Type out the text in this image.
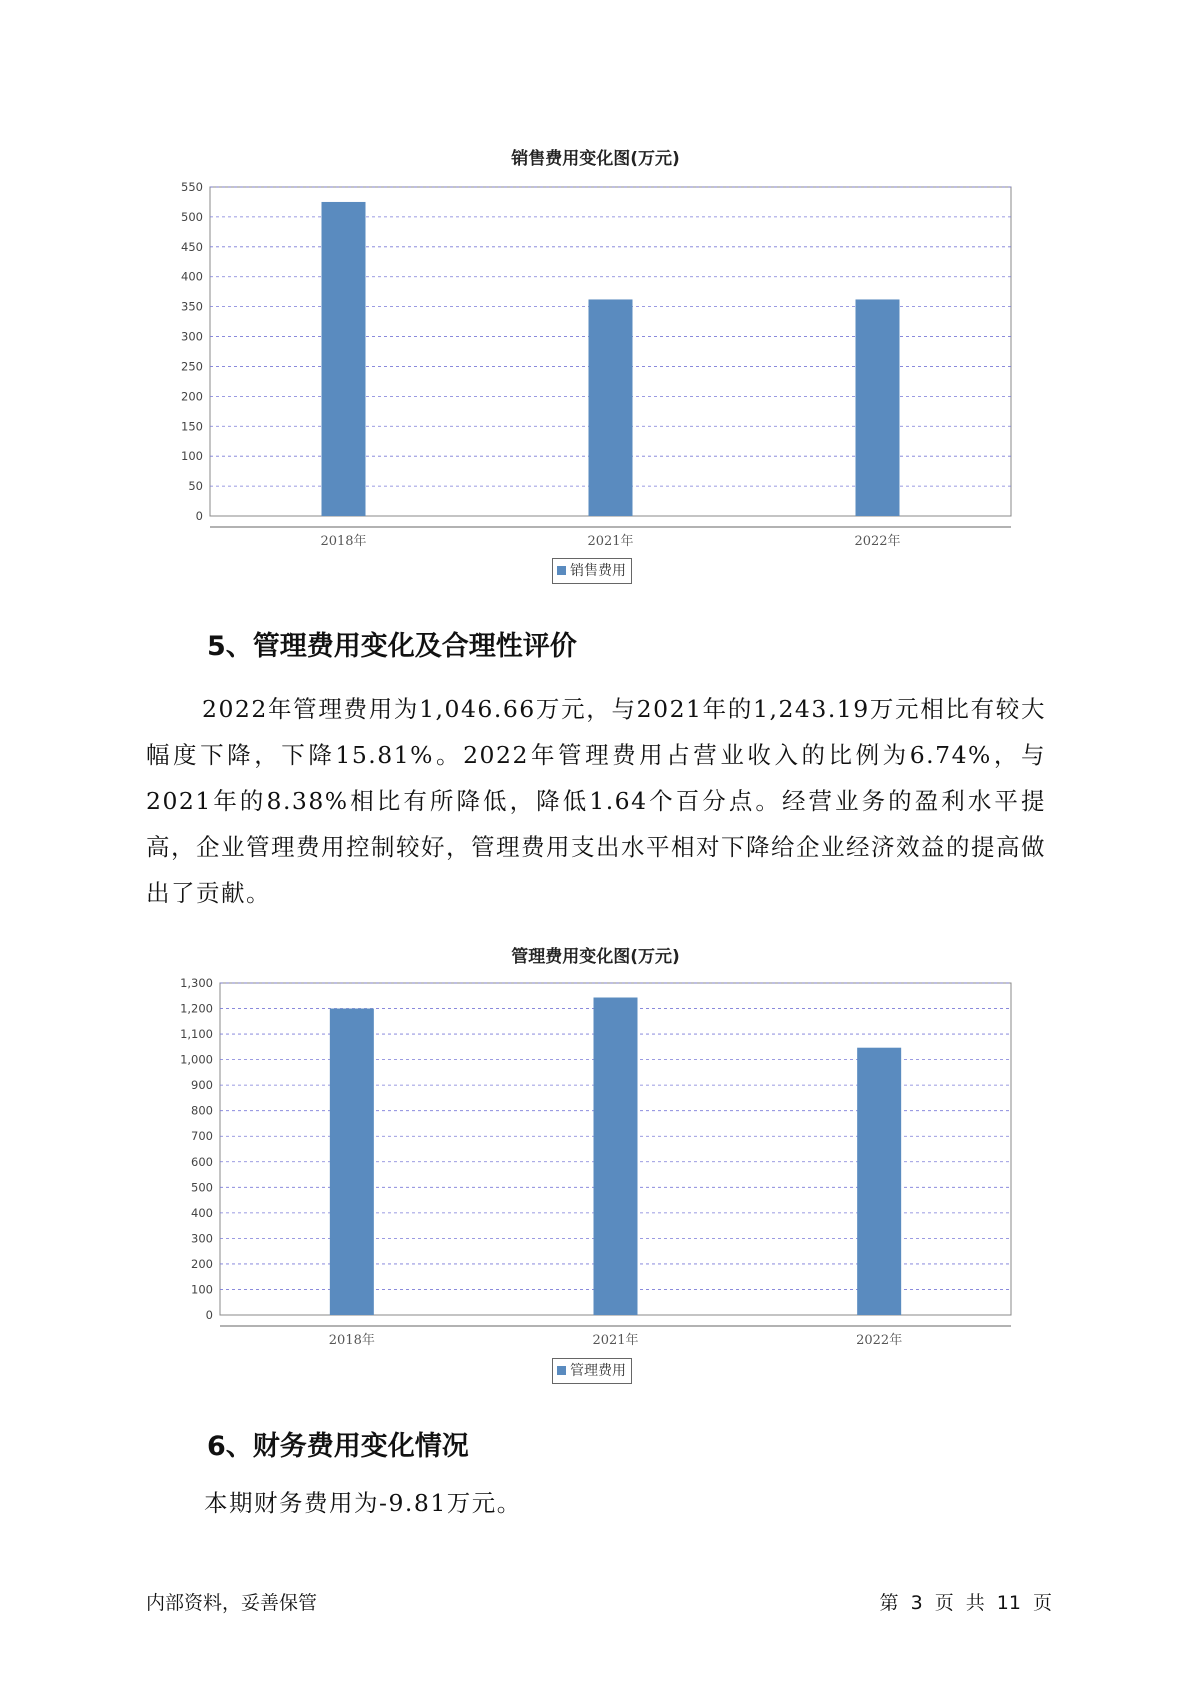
销售费用变化图(万元)
0
50
100
150
200
250
300
350
400
450
500
550
2018年	2021年	2022年
销售费用
5、管理费用变化及合理性评价

2022年管理费用为1,046.66万元，与2021年的1,243.19万元相比有较大幅度下降，下降15.81%。2022年管理费用占营业收入的比例为6.74%，与2021年的8.38%相比有所降低，降低1.64个百分点。经营业务的盈利水平提高，企业管理费用控制较好，管理费用支出水平相对下降给企业经济效益的提高做出了贡献。

管理费用变化图(万元)
0
100
200
300
400
500
600
700
800
900
1,000
1,100
1,200
1,300
2018年	2021年	2022年
管理费用
6、财务费用变化情况

本期财务费用为-9.81万元。

内部资料，妥善保管	第 3 页 共 11 页
